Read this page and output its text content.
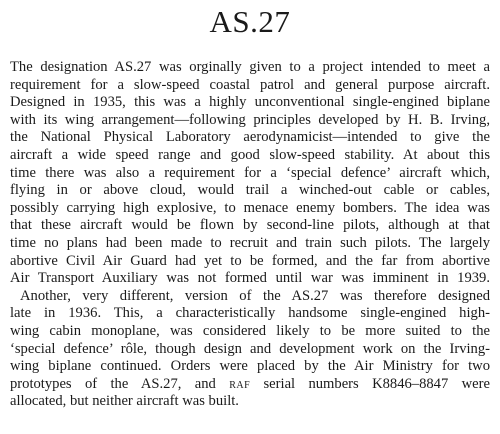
AS.27
The designation AS.27 was orginally given to a project intended to meet a
requirement for a slow-speed coastal patrol and general purpose aircraft.
Designed in 1935, this was a highly unconventional single-engined biplane
with its wing arrangement—following principles developed by H. B. Irving,
the National Physical Laboratory aerodynamicist—intended to give the
aircraft a wide speed range and good slow-speed stability. At about this
time there was also a requirement for a ‘special defence’ aircraft which,
flying in or above cloud, would trail a winched-out cable or cables,
possibly carrying high explosive, to menace enemy bombers. The idea was
that these aircraft would be flown by second-line pilots, although at that
time no plans had been made to recruit and train such pilots. The largely
abortive Civil Air Guard had yet to be formed, and the far from abortive
Air Transport Auxiliary was not formed until war was imminent in 1939.
Another, very different, version of the AS.27 was therefore designed
late in 1936. This, a characteristically handsome single-engined high-
wing cabin monoplane, was considered likely to be more suited to the
‘special defence’ rôle, though design and development work on the Irving-
wing biplane continued. Orders were placed by the Air Ministry for two
prototypes of the AS.27, and raf serial numbers K8846–8847 were
allocated, but neither aircraft was built.
